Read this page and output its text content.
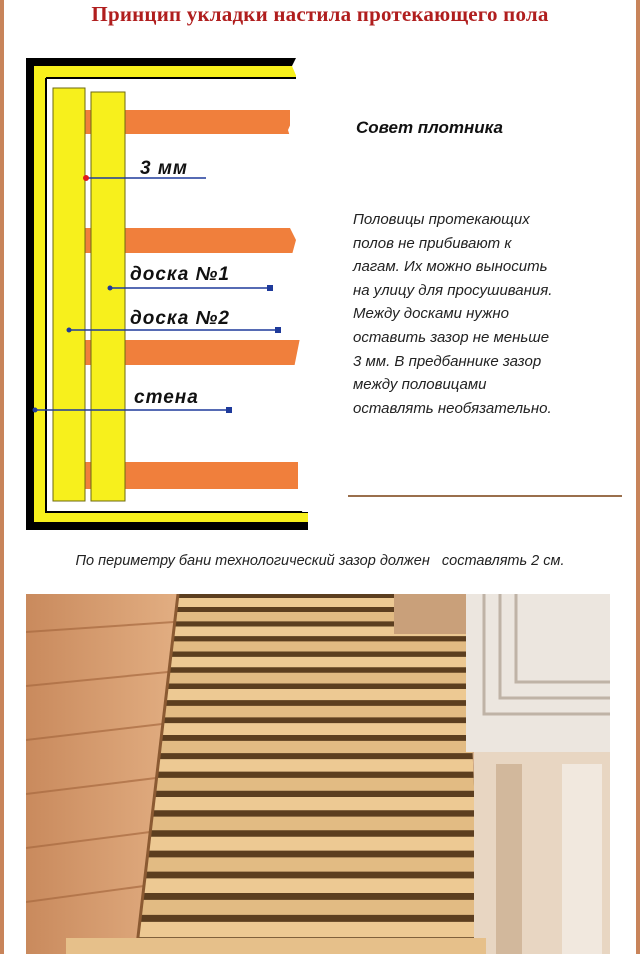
Принцип укладки настила протекающего пола
3 мм
доска №1
доска №2
стена
Совет плотника
Половицы протекающих
полов не прибивают к
лагам. Их можно выносить
на улицу для просушивания.
Между досками нужно
оставить зазор не меньше
3 мм. В предбаннике зазор
между половицами
оставлять необязательно.
По периметру бани технологический зазор должен   составлять 2 см.
